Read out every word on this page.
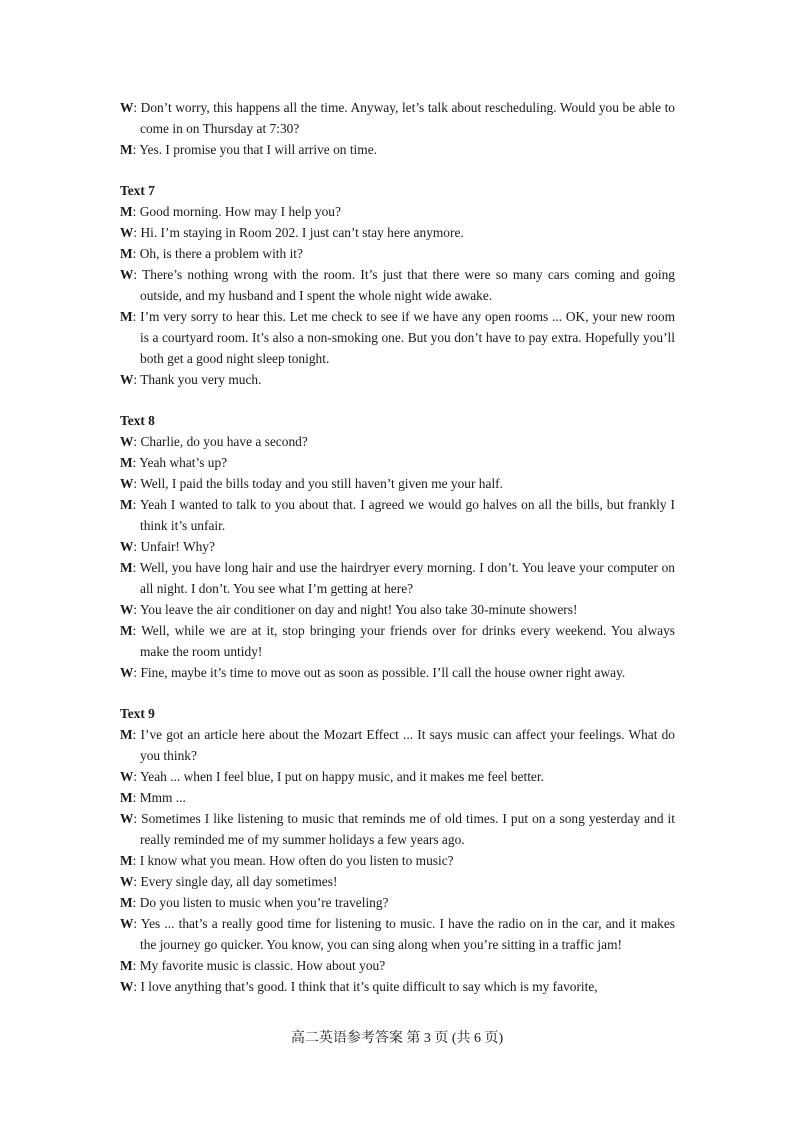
W: Don’t worry, this happens all the time. Anyway, let’s talk about rescheduling. Would you be able to come in on Thursday at 7:30?

M: Yes. I promise you that I will arrive on time.

Text 7

M: Good morning. How may I help you?

W: Hi. I’m staying in Room 202. I just can’t stay here anymore.

M: Oh, is there a problem with it?

W: There’s nothing wrong with the room. It’s just that there were so many cars coming and going outside, and my husband and I spent the whole night wide awake.

M: I’m very sorry to hear this. Let me check to see if we have any open rooms ... OK, your new room is a courtyard room. It’s also a non-smoking one. But you don’t have to pay extra. Hopefully you’ll both get a good night sleep tonight.

W: Thank you very much.

Text 8

W: Charlie, do you have a second?

M: Yeah what’s up?

W: Well, I paid the bills today and you still haven’t given me your half.

M: Yeah I wanted to talk to you about that. I agreed we would go halves on all the bills, but frankly I think it’s unfair.

W: Unfair! Why?

M: Well, you have long hair and use the hairdryer every morning. I don’t. You leave your computer on all night. I don’t. You see what I’m getting at here?

W: You leave the air conditioner on day and night! You also take 30-minute showers!

M: Well, while we are at it, stop bringing your friends over for drinks every weekend. You always make the room untidy!

W: Fine, maybe it’s time to move out as soon as possible. I’ll call the house owner right away.

Text 9

M: I’ve got an article here about the Mozart Effect ... It says music can affect your feelings. What do you think?

W: Yeah ... when I feel blue, I put on happy music, and it makes me feel better.

M: Mmm ...

W: Sometimes I like listening to music that reminds me of old times. I put on a song yesterday and it really reminded me of my summer holidays a few years ago.

M: I know what you mean. How often do you listen to music?

W: Every single day, all day sometimes!

M: Do you listen to music when you’re traveling?

W: Yes ... that’s a really good time for listening to music. I have the radio on in the car, and it makes the journey go quicker. You know, you can sing along when you’re sitting in a traffic jam!

M: My favorite music is classic. How about you?

W: I love anything that’s good. I think that it’s quite difficult to say which is my favorite,

高二英语参考答案 第 3 页 (共 6 页)
